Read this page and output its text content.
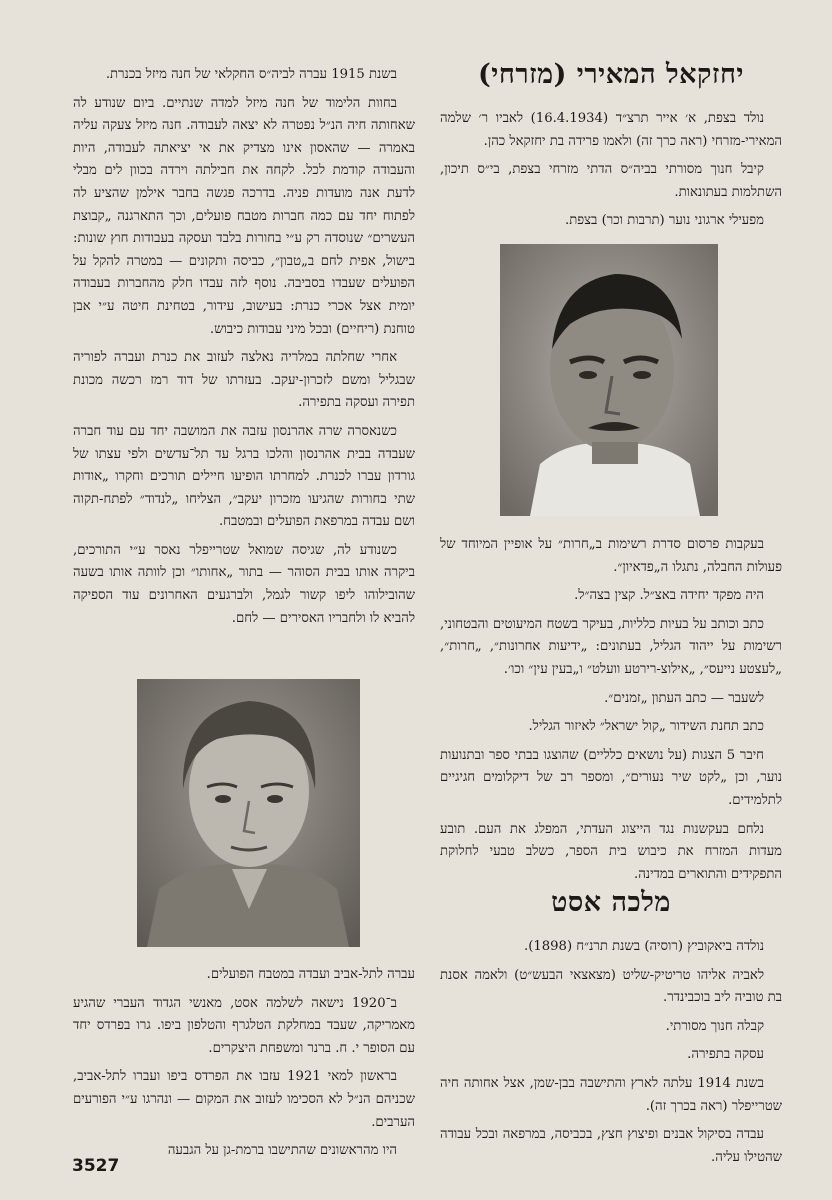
יחזקאל המאירי (מזרחי)

נולד בצפת, א׳ אייר תרצ״ד (16.4.1934) לאביו ר׳ שלמה המאירי-מזרחי (ראה כרך זה) ולאמו פרידה בת יחזקאל כהן.

קיבל חנוך מסורתי בביה״ס הדתי מזרחי בצפת, בי״ס תיכון, השתלמות בעתונאות.

מפעילי ארגוני נוער (תרבות וכר) בצפת.

בעקבות פרסום סדרת רשימות ב„חרות״ על אופיין המיוחד של פעולות החבלה, נתגלו ה„פדאיון״.

היה מפקד יחידה באצ״ל. קצין בצה״ל.

כתב וכותב על בעיות כלליות, בעיקר בשטח המיעוטים והבטחוני, רשימות על ייהוד הגליל, בעתונים: „ידיעות אחרונות״, „חרות״, „לעצטע נייעס״, „אילוצ-רירטע וועלט״ ו„בעין עין״ וכו׳.

לשעבר — כתב העתון „זמנים״.

כתב תחנת השידור „קול ישראל״ לאיזור הגליל.

חיבר 5 הצגות (על נושאים כלליים) שהוצגו בבתי ספר ובתנועות נוער, וכן „לקט שיר נעורים״, ומספר רב של דיקלומים חגיגיים לתלמידים.

נלחם בעקשנות נגד הייצוג העדתי, המפלג את העם. תובע מעדות המזרח את כיבוש בית הספר, כשלב טבעי לחלוקת התפקידים והתוארים במדינה.

מלכה אסט

נולדה ביאקוביץ (רוסיה) בשנת תרנ״ח (1898).

לאביה אליהו טריטיק-שליט (מצאצאי הבעש״ט) ולאמה אסנת בת טוביה ליב בוכבינדר.

קבלה חנוך מסורתי.

עסקה בתפירה.

בשנת 1914 עלתה לארץ והתישבה בבן-שמן, אצל אחותה חיה שטרייפלר (ראה בכרך זה).

עבדה בסיקול אבנים ופיצוץ חצץ, בכביסה, במרפאה ובכל עבודה שהטילו עליה.

בשנת 1915 עברה לביה״ס החקלאי של חנה מיזל בכנרת.

בחוות הלימוד של חנה מיזל למדה שנתיים. ביום שנודע לה שאחותה חיה הנ״ל נפטרה לא יצאה לעבודה. חנה מיזל צעקה עליה באמרה — שהאסון אינו מצדיק את אי יציאתה לעבודה, היות והעבודה קודמת לכל. לקחה את חבילתה וירדה בכוון לים מבלי לדעת אנה מועדות פניה. בדרכה פגשה בחבר אילמן שהציע לה לפתוח יחד עם כמה חברות מטבח פועלים, וכך התארגנה „קבוצת העשרים״ שנוסדה רק ע״י בחורות בלבד ועסקה בעבודות חוץ שונות: בישול, אפית לחם ב„טבון״, כביסה ותקונים — במטרה להקל על הפועלים שעבדו בסביבה. נוסף לזה עבדו חלק מהחברות בעבודה יומית אצל אכרי כנרת: בעישוב, עידור, בטחינת חיטה ע״י אבן טוחנת (ריחיים) ובכל מיני עבודות כיבוש.

אחרי שחלתה במלריה נאלצה לעזוב את כנרת ועברה לפוריה שבגליל ומשם לזכרון-יעקב. בעזרתו של דוד רמז רכשה מכונת תפירה ועסקה בתפירה.

כשנאסרה שרה אהרנסון עזבה את המושבה יחד עם עוד חברה שעבדה בבית אהרנסון והלכו ברגל עד תל־עדשים ולפי עצתו של גורדון עברו לכנרת. למחרתו הופיעו חיילים תורכים וחקרו „אודות שתי בחורות שהגיעו מזכרון יעקב״, הצליחו „לנדוד״ לפתח-תקוה ושם עבדה במרפאת הפועלים ובמטבח.

כשנודע לה, שגיסה שמואל שטרייפלר נאסר ע״י התורכים, ביקרה אותו בבית הסוהר — בתור „אחותו״ וכן לוותה אותו בשעה שהובילוהו ליפו קשור לגמל, ולברגעים האחרונים עוד הספיקה להביא לו ולחבריו האסירים — לחם.

עברה לתל-אביב ועבדה במטבח הפועלים.

ב־1920 נישאה לשלמה אסט, מאנשי הגדוד העברי שהגיע מאמריקה, שעבד במחלקת הטלגרף והטלפון ביפו. גרו בפרדס יחד עם הסופר י. ח. ברנר ומשפחת היצקרים.

בראשון למאי 1921 עזבו את הפרדס ביפו ועברו לתל-אביב, שכניהם הנ״ל לא הסכימו לעזוב את המקום — ונהרגו ע״י הפורעים הערבים.

היו מהראשונים שהתישבו ברמת-גן על הגבעה

3527
